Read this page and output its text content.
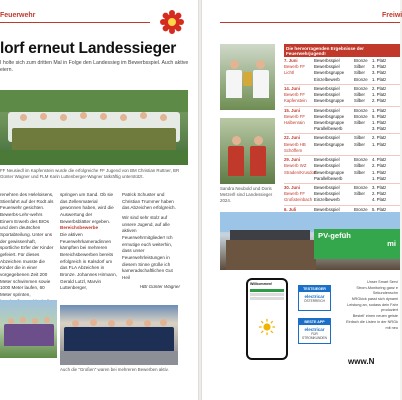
Feuerwehr
lorf erneut Landessieger
I holte sich zum dritten Mal in Folge den Landessieg im Bewerbsspiel. Auch aktive eiern.
FF Neusiedl im Kapfenstein wurde die erfolgreiche FF Jugend von BM Christian Ruttner, BR Günter Wagner und FLM Karin Luttenberger-Wagner tatkräftig unterstützt.
renehren des Heleloisens, Stienfahrt auf der Rodt als Feuerwehr gesichten. Bewerbs-Lehr-wehrs Einem Erwerb des BIOs und dem deutschen Sportabteilung. Unter uns der gewissenhaft, sportliche Erfer der Kinder gefeiert. Für dieses Abzeichen musste die Kinder die in einer vorgegebenen Zeit 200 Meter schwimmen sowie 1000 Meter laufen, 60 Meter sprinten,
springen um Sand. Ob sie das Zellenmaterial gewonnen haben, wird die Auswertung der Bewerbsblätter ergeben.
Bereichsbewerbe
Die aktiven Feuerwehrkameradinnen kämpften bei mehreren Bereichsbewerben bereits erfolgreich in Kalsdorf um das FLA Abzeichen in Bronze. Johannes Hirmann, Gerald Lutzl, Marvin Luttenberger,
Patrick Schuster und Christian Trummer haben das Abzeichen erfolgreich.
Wir sind sehr stolz auf unsere Jugend, auf alle aktiven Feuerwehrmitglieder! Ich ermutige euch weiterhin, dass unser Feuerwehrleistungen in diesem Sinne grüße ich kameradschaftlichen Gut Heil
HBI Günter Wagner
Auch die "Großen" waren bei mehreren Bewerben aktiv.
Freiwi
Sandra Neubold und Doris Metzerll sind Landessieger 2024.
Die hervorragenden Ergebnisse der Feuerwehrjugend!
7. Juni	Bewerbsspiel	Bronze	1. Platz
Bewerb FF	Bewerbsspiel	Silber	3. Platz
Lichtl	Bewerbsgruppe	Silber	3. Platz
Einzelbewerb	Bronze	1. Platz
14. Juni	Bewerbsspiel	Bronze	2. Platz
Bewerb FF	Bewerbsspiel	Silber	1. Platz
Kapfenstein	Bewerbsgruppe	Silber	2. Platz
15. Juni	Bewerbsspiel	Bronze	1. Platz
Bewerb FF	Bewerbsgruppe	Bronze	5. Platz
Halbenrain	Bewerbsgruppe	Silber	1. Platz
Parallelbewerb	3. Platz
22. Juni	Bewerbsspiel	Silber	2. Platz
Bewerb HB	Bewerbsgruppe	Silber	1. Platz
Schöffern
29. Juni	Bewerbsspiel	Bronze	4. Platz
Bewerb WZ	Bewerbsspiel	Silber	2. Platz
Straden/Krusdorf
Bewerbsgruppe	Silber	1. Platz
Parallelbewerb	1. Platz
30. Juni	Bewerbsspiel	Bronze	3. Platz
Bewerb FF	Bewerbsspiel	Silber	2. Platz
Großsteinbach Einzelbewerb	4. Platz
6. Juli	Bewerbsspiel	Bronze	5. Platz
PV-gefüh
mi
Willkommen!
TESTSIEGER
electricar
ÖSTERREICH
BESTE APP
electricar
FÜR STROMKUNDEN
Unser Smart Servi
Strom-Monitoring ganz e
Sekundenschn
NRGkick passt sich dynami
Leistung an, sodass dein Fahr
produziert
Bestell' einen neuen geiste
Einfach die Listen in der NRGk
mit neu
www.N
